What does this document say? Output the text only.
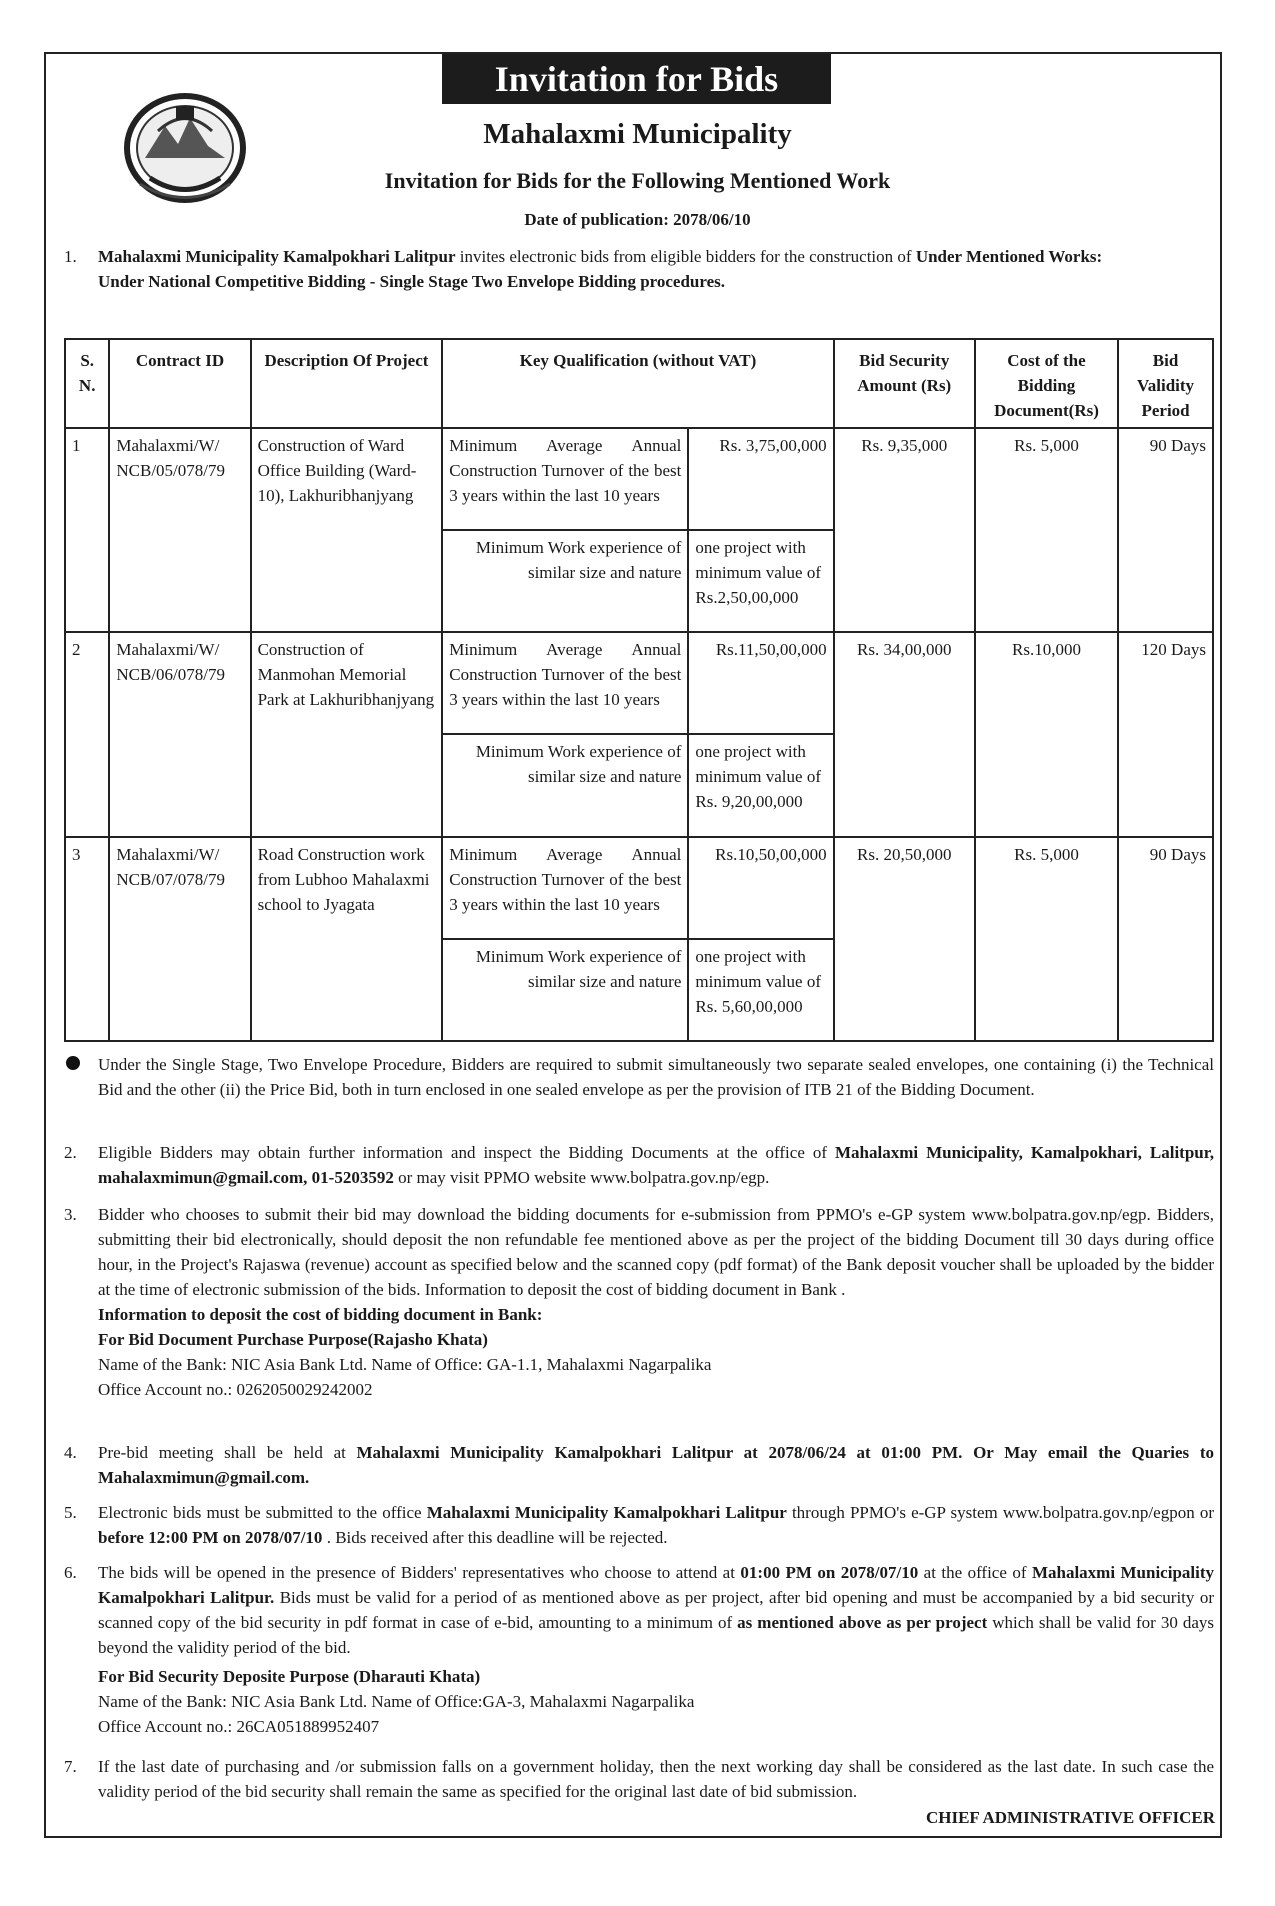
Invitation for Bids
Mahalaxmi Municipality
Invitation for Bids for the Following Mentioned Work
Date of publication: 2078/06/10
1.	Mahalaxmi Municipality Kamalpokhari Lalitpur invites electronic bids from eligible bidders for the construction of Under Mentioned Works:
Under National Competitive Bidding - Single Stage Two Envelope Bidding procedures.
S. N.	Contract ID	Description Of Project	Key Qualification (without VAT)		Bid Security Amount (Rs)	Cost of the Bidding Document(Rs)	Bid Validity Period
1	Mahalaxmi/W/ NCB/05/078/79	Construction of Ward Office Building (Ward-10), Lakhuribhanjyang	Minimum Average Annual Construction Turnover of the best 3 years within the last 10 years	Rs. 3,75,00,000	Rs. 9,35,000	Rs. 5,000	90 Days
			Minimum Work experience of similar size and nature	one project with minimum value of Rs.2,50,00,000			
2	Mahalaxmi/W/ NCB/06/078/79	Construction of Manmohan Memorial Park at Lakhuribhanjyang	Minimum Average Annual Construction Turnover of the best 3 years within the last 10 years	Rs.11,50,00,000	Rs. 34,00,000	Rs.10,000	120 Days
			Minimum Work experience of similar size and nature	one project with minimum value of Rs. 9,20,00,000			
3	Mahalaxmi/W/ NCB/07/078/79	Road Construction work from Lubhoo Mahalaxmi school to Jyagata	Minimum Average Annual Construction Turnover of the best 3 years within the last 10 years	Rs.10,50,00,000	Rs. 20,50,000	Rs. 5,000	90 Days
			Minimum Work experience of similar size and nature	one project with minimum value of Rs. 5,60,00,000			
Under the Single Stage, Two Envelope Procedure, Bidders are required to submit simultaneously two separate sealed envelopes, one containing (i) the Technical Bid and the other (ii) the Price Bid, both in turn enclosed in one sealed envelope as per the provision of ITB 21 of the Bidding Document.
2.	Eligible Bidders may obtain further information and inspect the Bidding Documents at the office of Mahalaxmi Municipality, Kamalpokhari, Lalitpur, mahalaxmimun@gmail.com, 01-5203592 or may visit PPMO website www.bolpatra.gov.np/egp.
3.	Bidder who chooses to submit their bid may download the bidding documents for e-submission from PPMO's e-GP system www.bolpatra.gov.np/egp. Bidders, submitting their bid electronically, should deposit the non refundable fee mentioned above as per the project of the bidding Document till 30 days during office hour, in the Project's Rajaswa (revenue) account as specified below and the scanned copy (pdf format) of the Bank deposit voucher shall be uploaded by the bidder at the time of electronic submission of the bids. Information to deposit the cost of bidding document in Bank .
Information to deposit the cost of bidding document in Bank:
For Bid Document Purchase Purpose(Rajasho Khata)
Name of the Bank: NIC Asia Bank Ltd. Name of Office: GA-1.1, Mahalaxmi Nagarpalika
Office Account no.: 0262050029242002
4.	Pre-bid meeting shall be held at Mahalaxmi Municipality Kamalpokhari Lalitpur at 2078/06/24 at 01:00 PM. Or May email the Quaries to Mahalaxmimun@gmail.com.
5.	Electronic bids must be submitted to the office Mahalaxmi Municipality Kamalpokhari Lalitpur through PPMO's e-GP system www.bolpatra.gov.np/egpon or before 12:00 PM on 2078/07/10 . Bids received after this deadline will be rejected.
6.	The bids will be opened in the presence of Bidders' representatives who choose to attend at 01:00 PM on 2078/07/10 at the office of Mahalaxmi Municipality Kamalpokhari Lalitpur. Bids must be valid for a period of as mentioned above as per project, after bid opening and must be accompanied by a bid security or scanned copy of the bid security in pdf format in case of e-bid, amounting to a minimum of as mentioned above as per project which shall be valid for 30 days beyond the validity period of the bid.
For Bid Security Deposite Purpose (Dharauti Khata)
Name of the Bank: NIC Asia Bank Ltd. Name of Office:GA-3, Mahalaxmi Nagarpalika
Office Account no.: 26CA051889952407
7.	If the last date of purchasing and /or submission falls on a government holiday, then the next working day shall be considered as the last date. In such case the validity period of the bid security shall remain the same as specified for the original last date of bid submission.
CHIEF ADMINISTRATIVE OFFICER
